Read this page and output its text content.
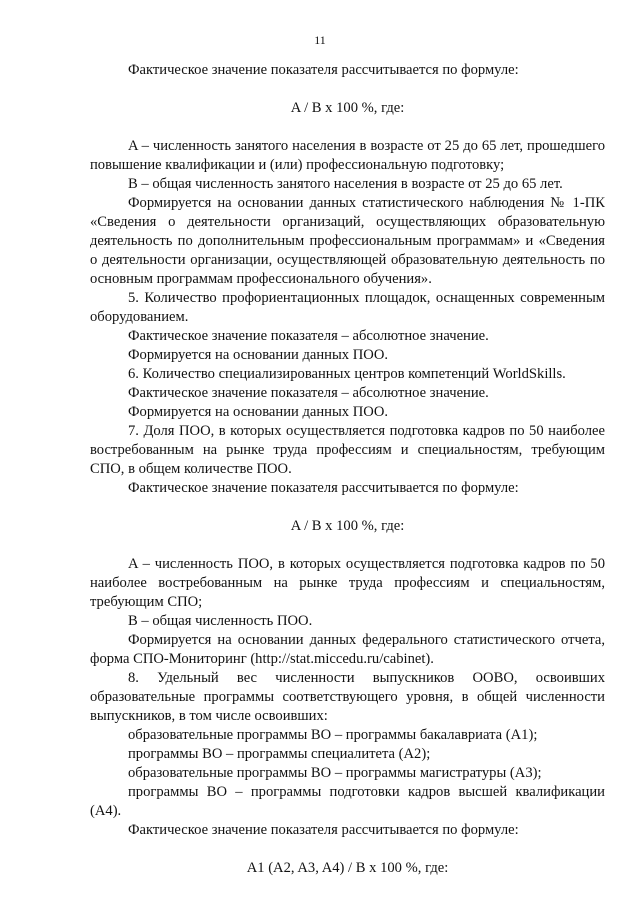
11

Фактическое значение показателя рассчитывается по формуле:

A / B x 100 %, где:

A – численность занятого населения в возрасте от 25 до 65 лет, прошедшего повышение квалификации и (или) профессиональную подготовку;

B – общая численность занятого населения в возрасте от 25 до 65 лет.

Формируется на основании данных статистического наблюдения № 1-ПК «Сведения о деятельности организаций, осуществляющих образовательную деятельность по дополнительным профессиональным программам» и «Сведения о деятельности организации, осуществляющей образовательную деятельность по основным программам профессионального обучения».

5. Количество профориентационных площадок, оснащенных современным оборудованием.

Фактическое значение показателя – абсолютное значение.

Формируется на основании данных ПОО.

6. Количество специализированных центров компетенций WorldSkills.

Фактическое значение показателя – абсолютное значение.

Формируется на основании данных ПОО.

7. Доля ПОО, в которых осуществляется подготовка кадров по 50 наиболее востребованным на рынке труда профессиям и специальностям, требующим СПО, в общем количестве ПОО.

Фактическое значение показателя рассчитывается по формуле:

A / B x 100 %, где:

A – численность ПОО, в которых осуществляется подготовка кадров по 50 наиболее востребованным на рынке труда профессиям и специальностям, требующим СПО;

B – общая численность ПОО.

Формируется на основании данных федерального статистического отчета, форма СПО-Мониторинг (http://stat.miccedu.ru/cabinet).

8. Удельный вес численности выпускников ООВО, освоивших образовательные программы соответствующего уровня, в общей численности выпускников, в том числе освоивших:

образовательные программы ВО – программы бакалавриата (A1);

программы ВО – программы специалитета (A2);

образовательные программы ВО – программы магистратуры (A3);

программы ВО – программы подготовки кадров высшей квалификации (A4).

Фактическое значение показателя рассчитывается по формуле:

A1 (A2, A3, A4) / B x 100 %, где:
